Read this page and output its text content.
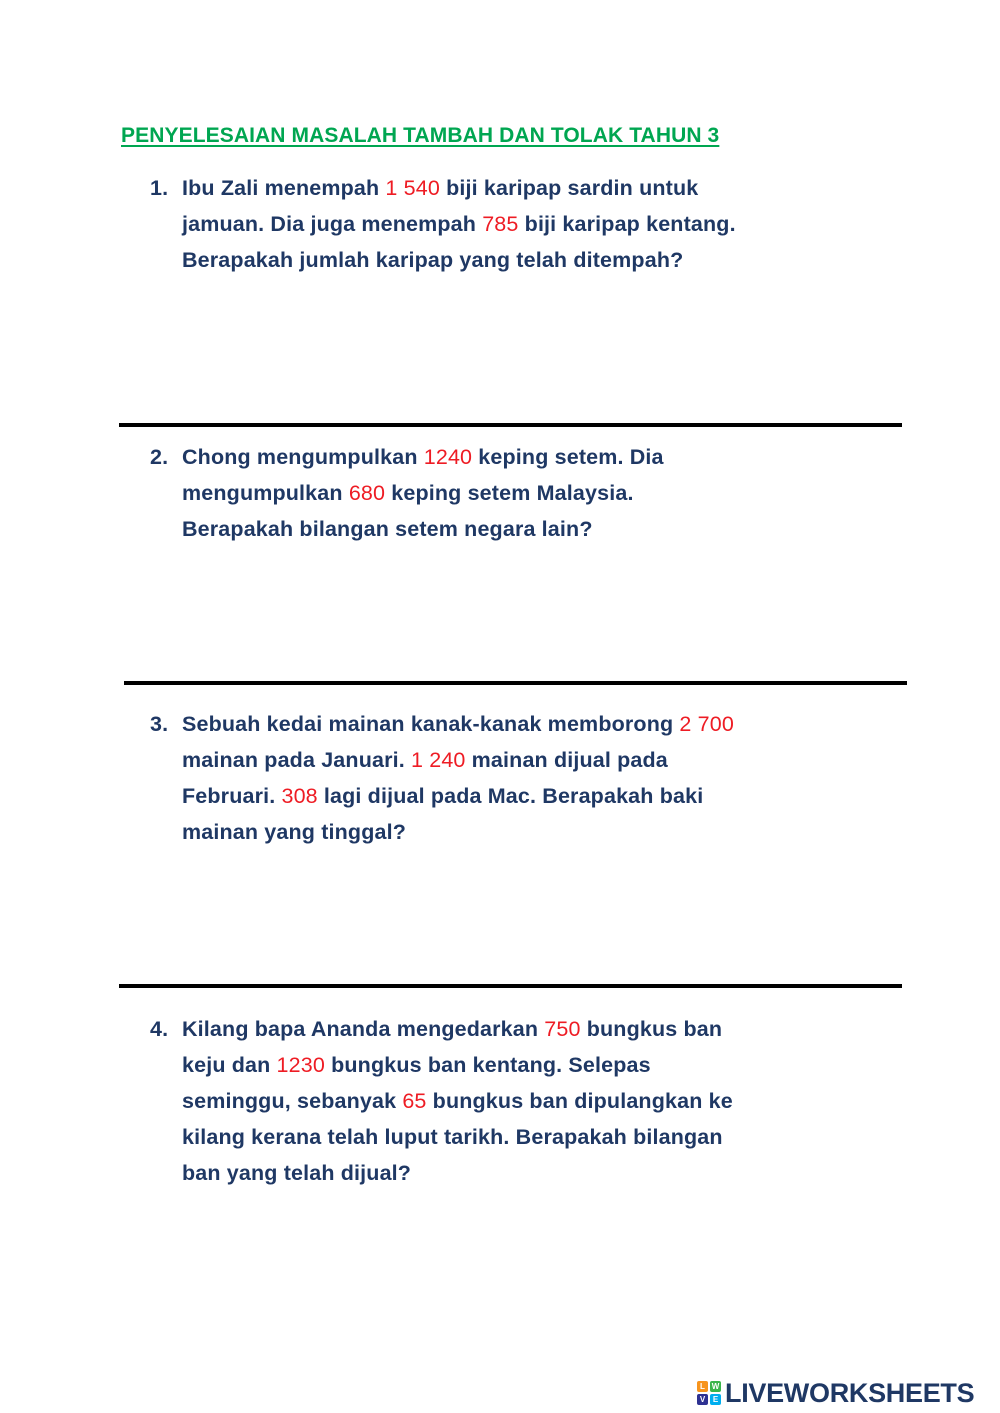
PENYELESAIAN MASALAH TAMBAH DAN TOLAK TAHUN 3
1. Ibu Zali menempah 1 540 biji karipap sardin untuk
jamuan. Dia juga menempah 785 biji karipap kentang.
Berapakah jumlah karipap yang telah ditempah?
2. Chong mengumpulkan 1240 keping setem. Dia
mengumpulkan 680 keping setem Malaysia.
Berapakah bilangan setem negara lain?
3. Sebuah kedai mainan kanak-kanak memborong 2 700
mainan pada Januari. 1 240 mainan dijual pada
Februari. 308 lagi dijual pada Mac. Berapakah baki
mainan yang tinggal?
4. Kilang bapa Ananda mengedarkan 750 bungkus ban
keju dan 1230 bungkus ban kentang. Selepas
seminggu, sebanyak 65 bungkus ban dipulangkan ke
kilang kerana telah luput tarikh. Berapakah bilangan
ban yang telah dijual?
L W
V E LIVEWORKSHEETS
